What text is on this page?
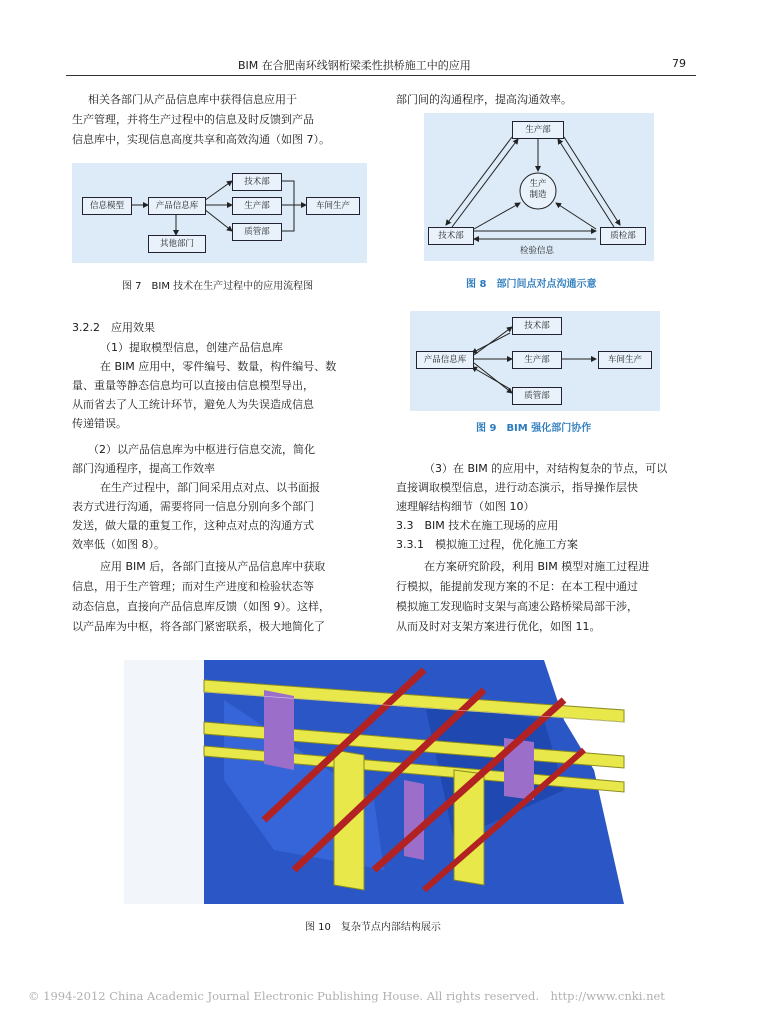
BIM 在合肥南环线钢桁梁柔性拱桥施工中的应用	79
相关各部门从产品信息库中获得信息应用于
生产管理，并将生产过程中的信息及时反馈到产品
信息库中，实现信息高度共享和高效沟通（如图 7）。
信息模型	产品信息库
技术部
生产部
质管部
车间生产
其他部门
图 7　BIM 技术在生产过程中的应用流程图
3.2.2　应用效果
（1）提取模型信息，创建产品信息库
在 BIM 应用中，零件编号、数量，构件编号、数
量、重量等静态信息均可以直接由信息模型导出，
从而省去了人工统计环节，避免人为失误造成信息
传递错误。
（2）以产品信息库为中枢进行信息交流，简化
部门沟通程序，提高工作效率
在生产过程中，部门间采用点对点、以书面报
表方式进行沟通，需要将同一信息分别向多个部门
发送，做大量的重复工作，这种点对点的沟通方式
效率低（如图 8）。
应用 BIM 后，各部门直接从产品信息库中获取
信息，用于生产管理；而对生产进度和检验状态等
动态信息，直接向产品信息库反馈（如图 9）。这样，
以产品库为中枢，将各部门紧密联系，极大地简化了
部门间的沟通程序，提高沟通效率。
生产部
生产
制造
技术部	质检部
检验信息
图 8　部门间点对点沟通示意
产品信息库
技术部
生产部
质管部
车间生产
图 9　BIM 强化部门协作
（3）在 BIM 的应用中，对结构复杂的节点，可以
直接调取模型信息，进行动态演示，指导操作层快
速理解结构细节（如图 10）
3.3　BIM 技术在施工现场的应用
3.3.1　模拟施工过程，优化施工方案
在方案研究阶段，利用 BIM 模型对施工过程进
行模拟，能提前发现方案的不足：在本工程中通过
模拟施工发现临时支架与高速公路桥梁局部干涉，
从而及时对支架方案进行优化，如图 11。
图 10　复杂节点内部结构展示
© 1994-2012 China Academic Journal Electronic Publishing House. All rights reserved.　http://www.cnki.net
